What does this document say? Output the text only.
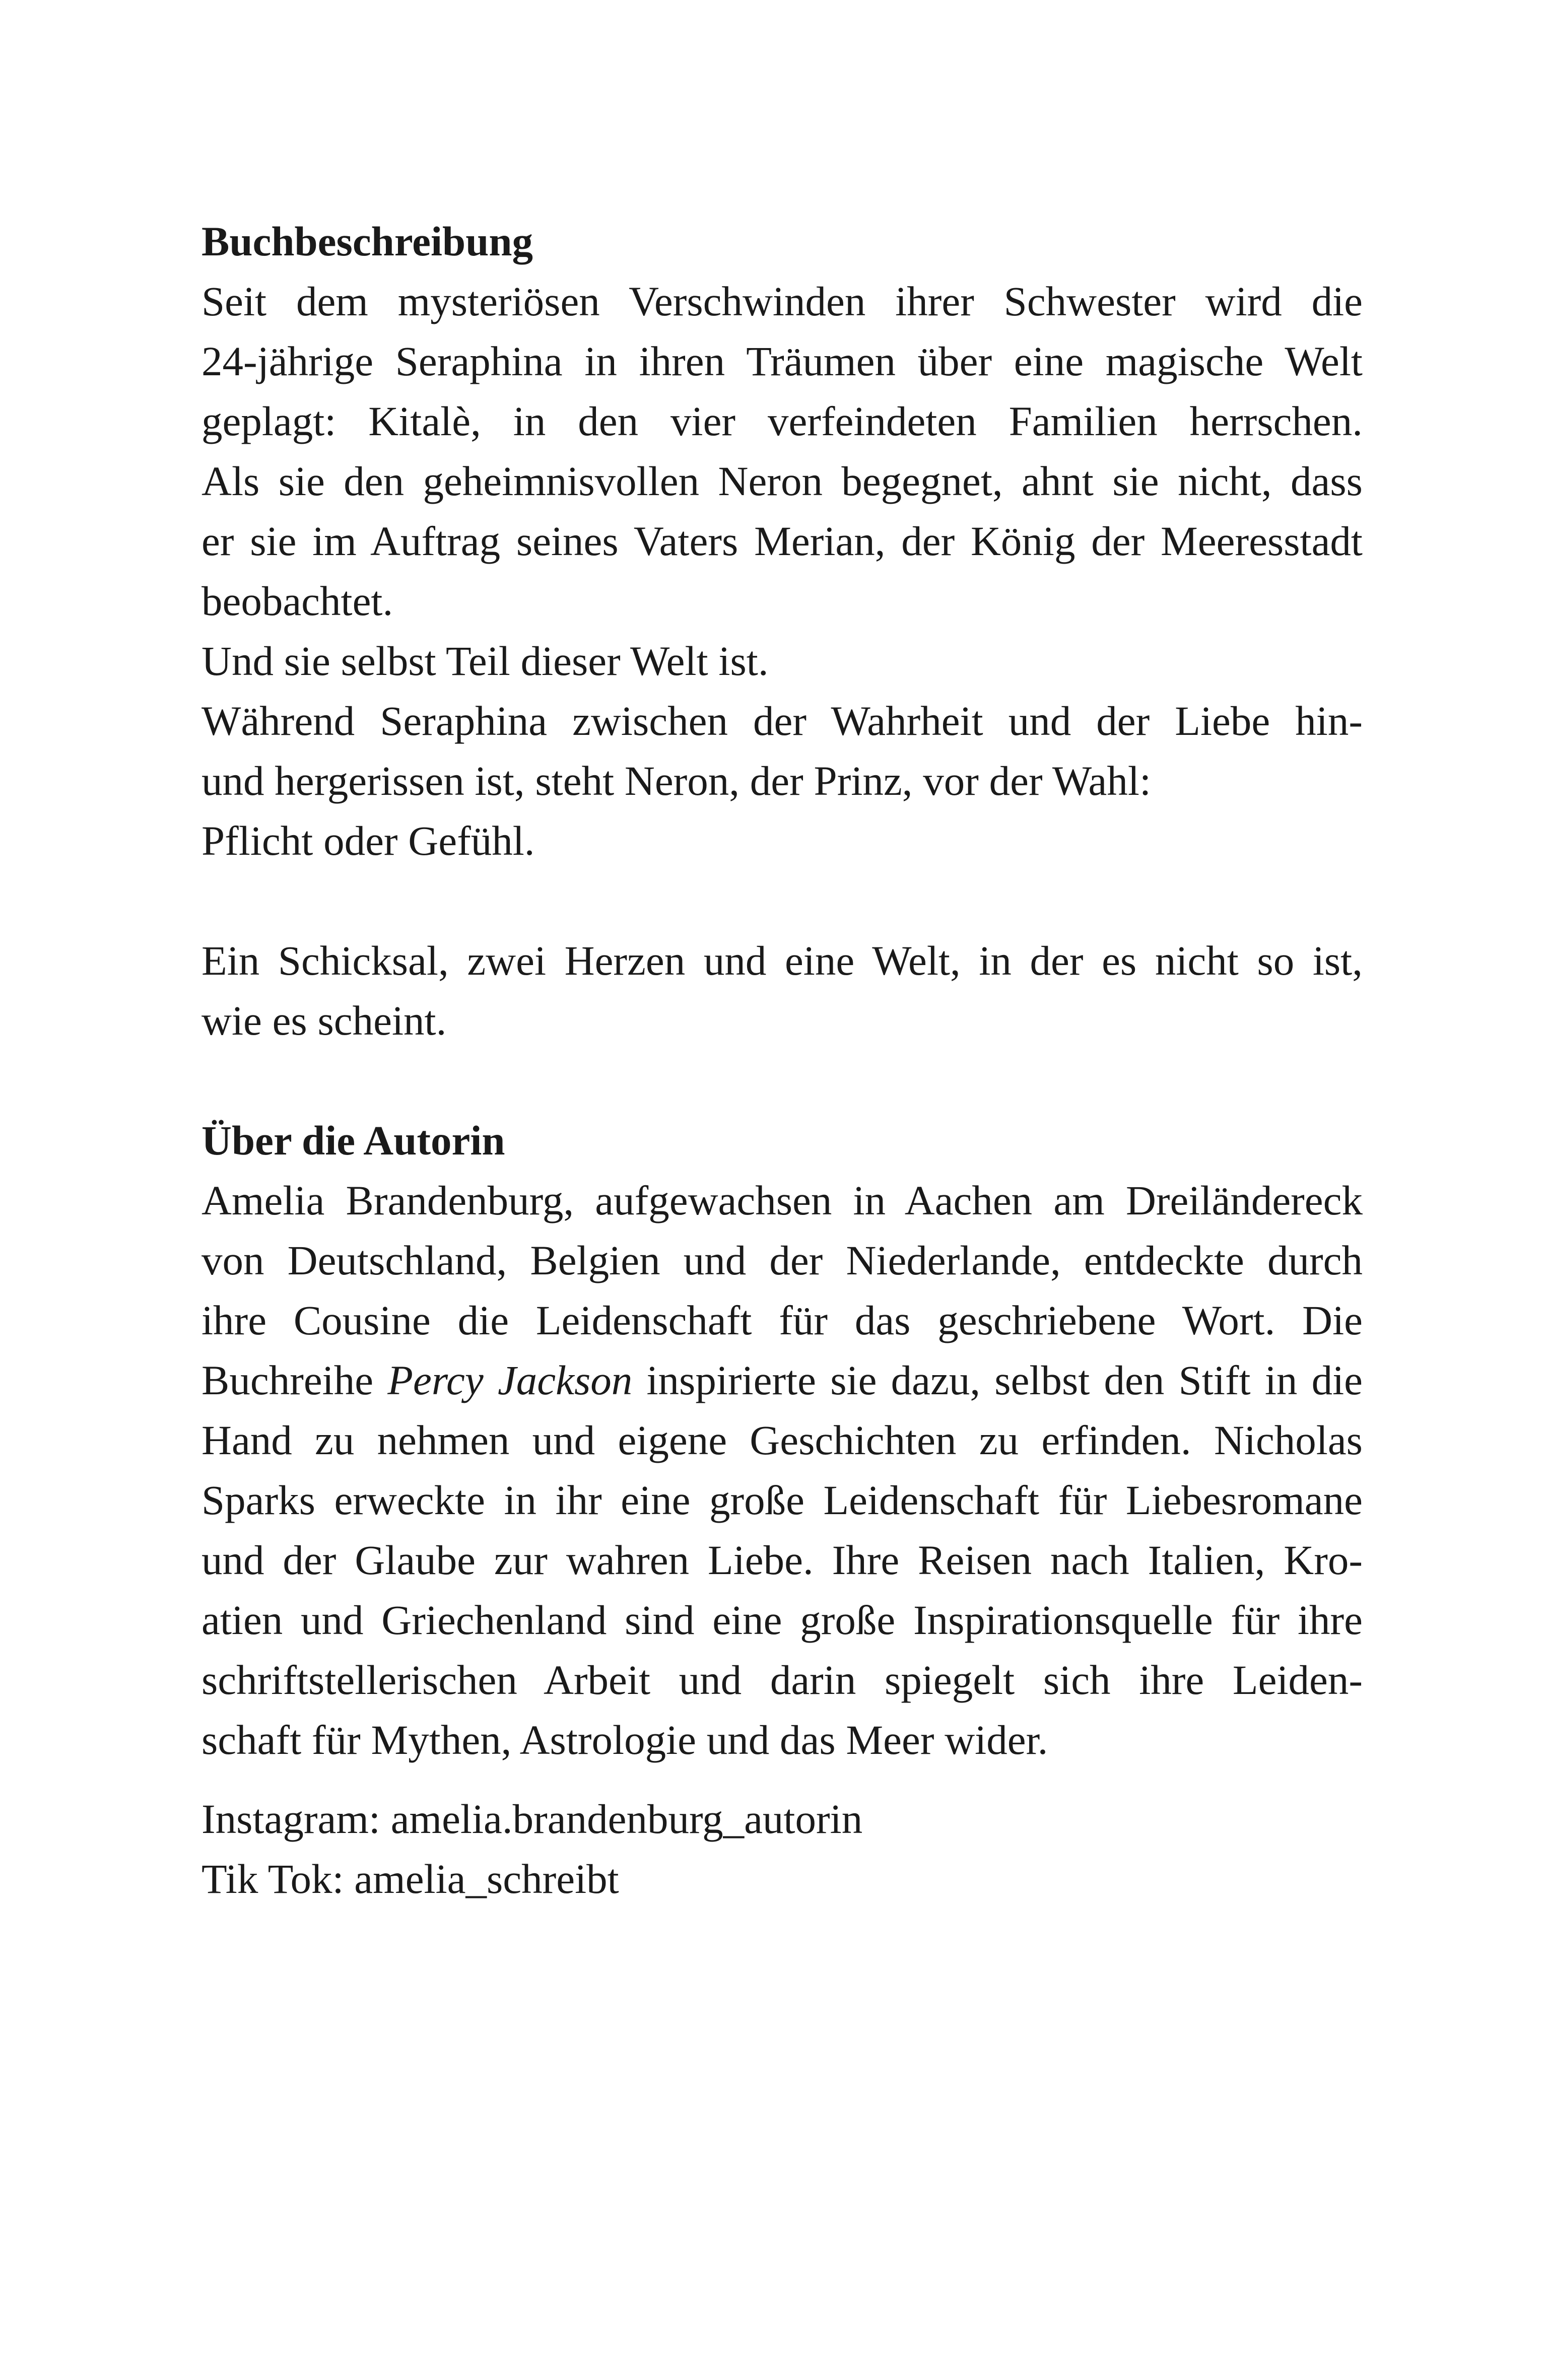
Buchbeschreibung
Seit dem mysteriösen Verschwinden ihrer Schwester wird die
24-jährige Seraphina in ihren Träumen über eine magische Welt
geplagt: Kitalè, in den vier verfeindeten Familien herrschen.
Als sie den geheimnisvollen Neron begegnet, ahnt sie nicht, dass
er sie im Auftrag seines Vaters Merian, der König der Meeresstadt
beobachtet.
Und sie selbst Teil dieser Welt ist.
Während Seraphina zwischen der Wahrheit und der Liebe hin-
und hergerissen ist, steht Neron, der Prinz, vor der Wahl:
Pflicht oder Gefühl.
Ein Schicksal, zwei Herzen und eine Welt, in der es nicht so ist,
wie es scheint.
Über die Autorin
Amelia Brandenburg, aufgewachsen in Aachen am Dreiländereck
von Deutschland, Belgien und der Niederlande, entdeckte durch
ihre Cousine die Leidenschaft für das geschriebene Wort. Die
Buchreihe Percy Jackson inspirierte sie dazu, selbst den Stift in die
Hand zu nehmen und eigene Geschichten zu erfinden. Nicholas
Sparks erweckte in ihr eine große Leidenschaft für Liebesromane
und der Glaube zur wahren Liebe. Ihre Reisen nach Italien, Kro-
atien und Griechenland sind eine große Inspirationsquelle für ihre
schriftstellerischen Arbeit und darin spiegelt sich ihre Leiden-
schaft für Mythen, Astrologie und das Meer wider.
Instagram: amelia.brandenburg_autorin
Tik Tok: amelia_schreibt
